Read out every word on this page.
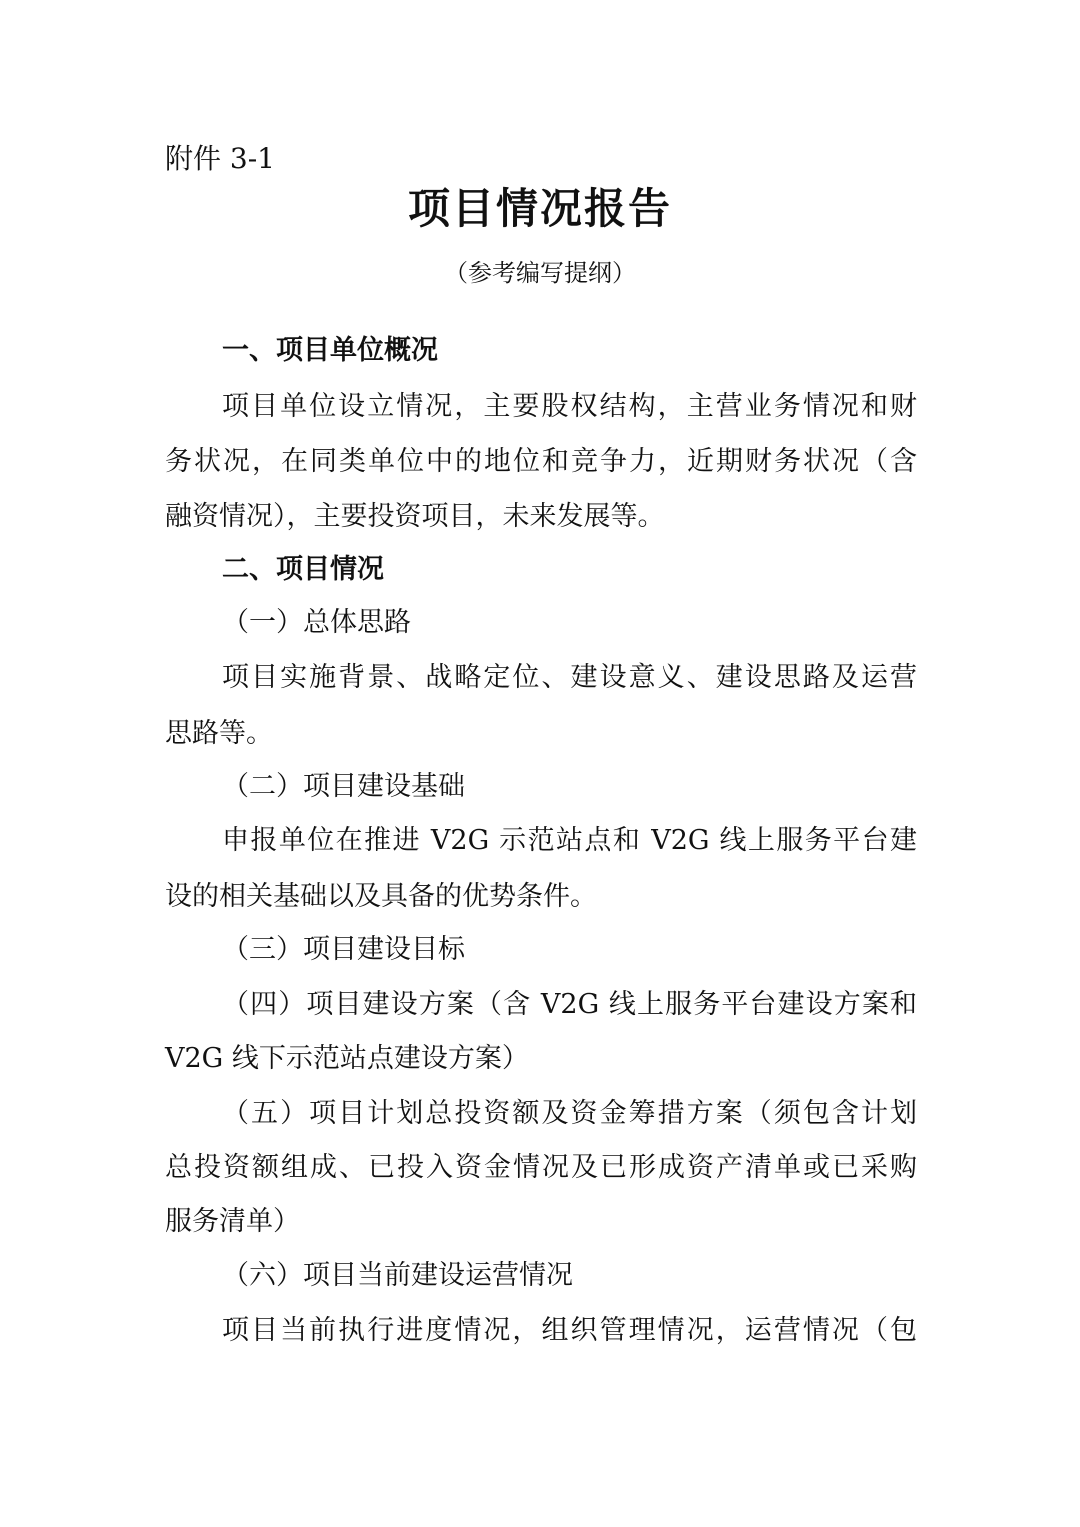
附件 3-1
项目情况报告
（参考编写提纲）
一、项目单位概况
项目单位设立情况，主要股权结构，主营业务情况和财
务状况，在同类单位中的地位和竞争力，近期财务状况（含
融资情况），主要投资项目，未来发展等。
二、项目情况
（一）总体思路
项目实施背景、战略定位、建设意义、建设思路及运营
思路等。
（二）项目建设基础
申报单位在推进 V2G 示范站点和 V2G 线上服务平台建
设的相关基础以及具备的优势条件。
（三）项目建设目标
（四）项目建设方案（含 V2G 线上服务平台建设方案和
V2G 线下示范站点建设方案）
（五）项目计划总投资额及资金筹措方案（须包含计划
总投资额组成、已投入资金情况及已形成资产清单或已采购
服务清单）
（六）项目当前建设运营情况
项目当前执行进度情况，组织管理情况，运营情况（包
